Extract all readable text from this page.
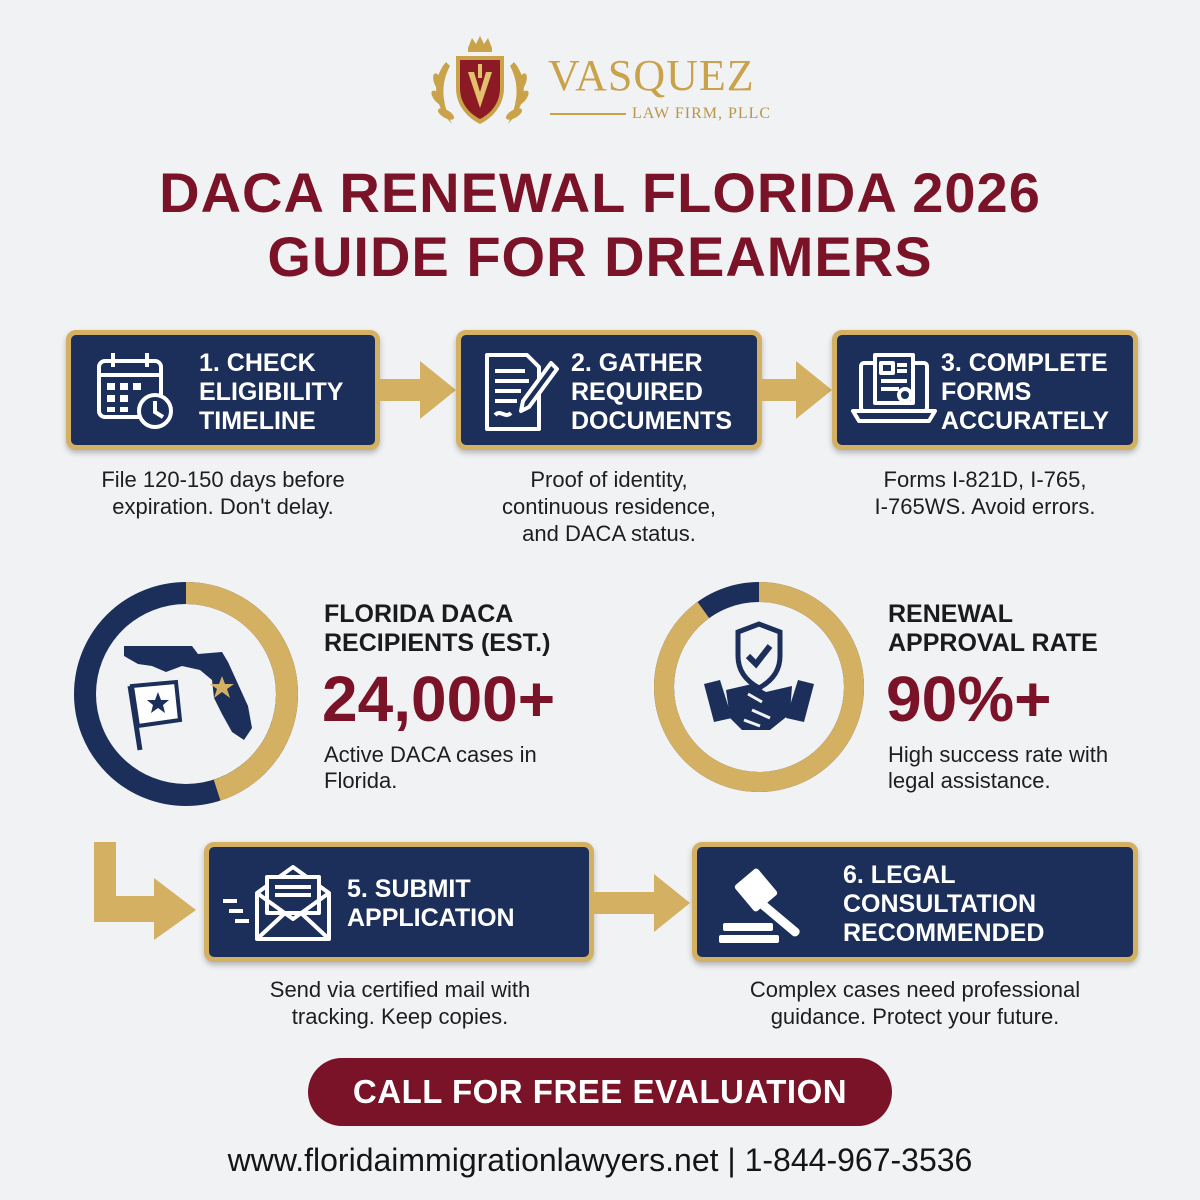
VASQUEZ
LAW FIRM, PLLC
DACA RENEWAL FLORIDA 2026
GUIDE FOR DREAMERS
1. CHECK
ELIGIBILITY
TIMELINE
File 120-150 days before
expiration. Don't delay.
2. GATHER
REQUIRED
DOCUMENTS
Proof of identity,
continuous residence,
and DACA status.
3. COMPLETE
FORMS
ACCURATELY
Forms I-821D, I-765,
I-765WS. Avoid errors.
FLORIDA DACA
RECIPIENTS (EST.)
24,000+
Active DACA cases in
Florida.
RENEWAL
APPROVAL RATE
90%+
High success rate with
legal assistance.
5. SUBMIT
APPLICATION
Send via certified mail with
tracking. Keep copies.
6. LEGAL
CONSULTATION
RECOMMENDED
Complex cases need professional
guidance. Protect your future.
CALL FOR FREE EVALUATION
www.floridaimmigrationlawyers.net | 1-844-967-3536
